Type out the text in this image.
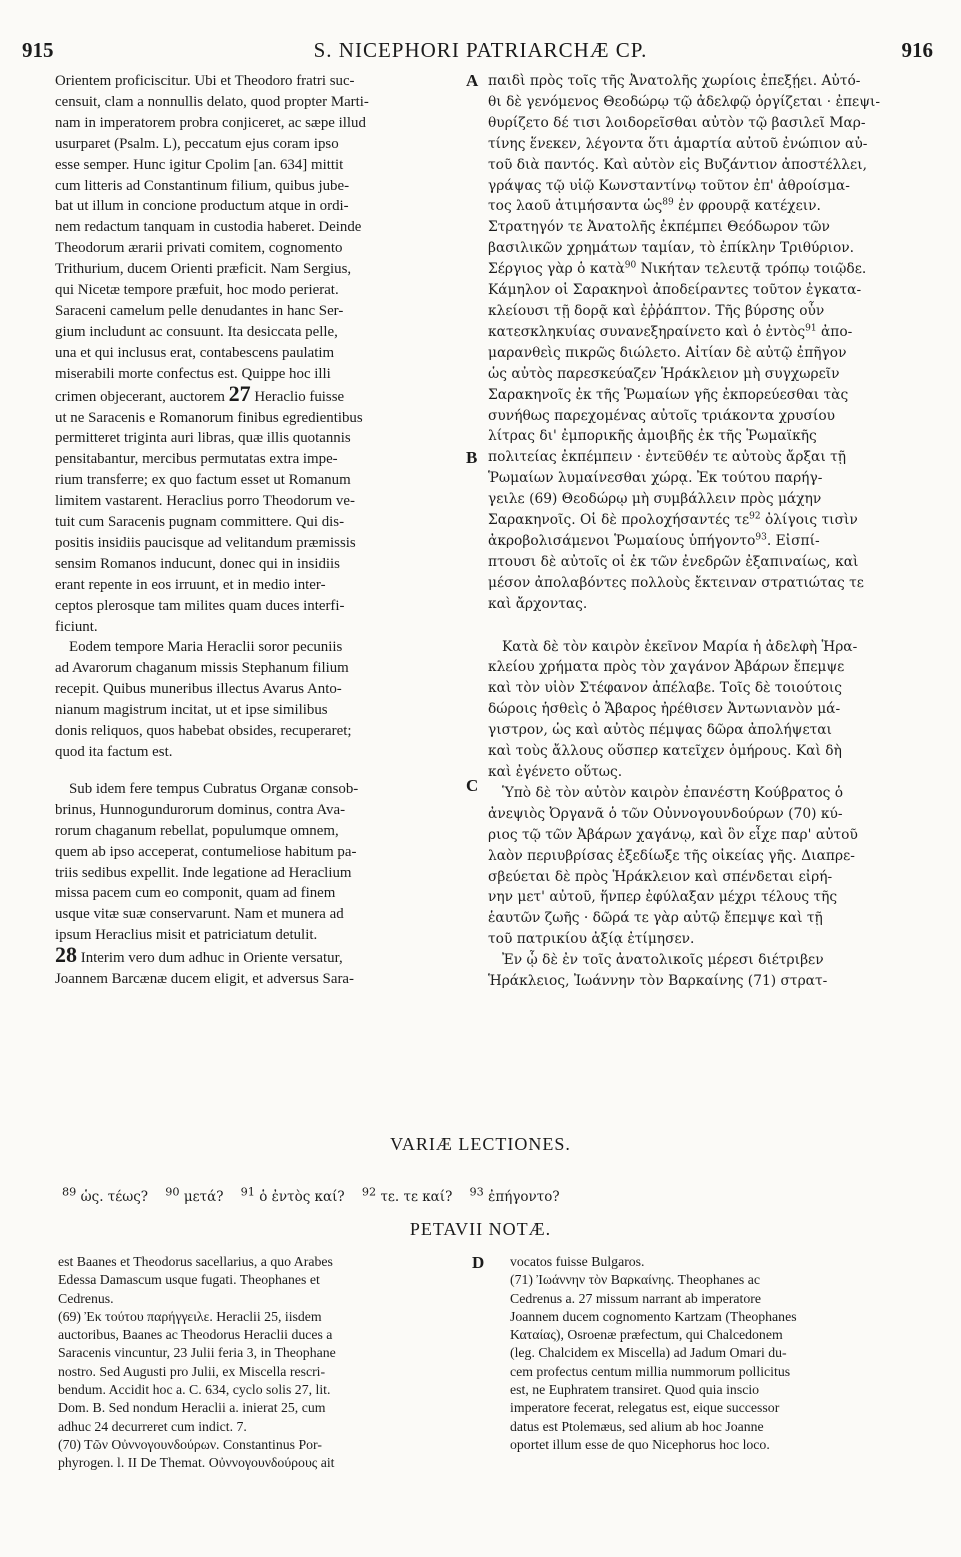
915	S. NICEPHORI PATRIARCHÆ CP.	916
A
B
C
D
Orientem proficiscitur. Ubi et Theodoro fratri suc-
censuit, clam a nonnullis delato, quod propter Marti-
nam in imperatorem probra conjiceret, ac sæpe illud
usurparet (Psalm. L), peccatum ejus coram ipso
esse semper. Hunc igitur Cpolim [an. 634] mittit
cum litteris ad Constantinum filium, quibus jube-
bat ut illum in concione productum atque in ordi-
nem redactum tanquam in custodia haberet. Deinde
Theodorum ærarii privati comitem, cognomento
Trithurium, ducem Orienti præficit. Nam Sergius,
qui Nicetæ tempore præfuit, hoc modo perierat.
Saraceni camelum pelle denudantes in hanc Ser-
gium includunt ac consuunt. Ita desiccata pelle,
una et qui inclusus erat, contabescens paulatim
miserabili morte confectus est. Quippe hoc illi
crimen objecerant, auctorem 27 Heraclio fuisse
ut ne Saracenis e Romanorum finibus egredientibus
permitteret triginta auri libras, quæ illis quotannis
pensitabantur, mercibus permutatas extra impe-
rium transferre; ex quo factum esset ut Romanum
limitem vastarent. Heraclius porro Theodorum ve-
tuit cum Saracenis pugnam committere. Qui dis-
positis insidiis paucisque ad velitandum præmissis
sensim Romanos inducunt, donec qui in insidiis
erant repente in eos irruunt, et in medio inter-
ceptos plerosque tam milites quam duces interfi-
ficiunt.
Eodem tempore Maria Heraclii soror pecuniis
ad Avarorum chaganum missis Stephanum filium
recepit. Quibus muneribus illectus Avarus Anto-
nianum magistrum incitat, ut et ipse similibus
donis reliquos, quos habebat obsides, recuperaret;
quod ita factum est.
Sub idem fere tempus Cubratus Organæ consob-
brinus, Hunnogundurorum dominus, contra Ava-
rorum chaganum rebellat, populumque omnem,
quem ab ipso acceperat, contumeliose habitum pa-
triis sedibus expellit. Inde legatione ad Heraclium
missa pacem cum eo componit, quam ad finem
usque vitæ suæ conservarunt. Nam et munera ad
ipsum Heraclius misit et patriciatum detulit.
28 Interim vero dum adhuc in Oriente versatur,
Joannem Barcænæ ducem eligit, et adversus Sara-
παιδὶ πρὸς τοῖς τῆς Ἀνατολῆς χωρίοις ἐπεξῄει. Αὐτό-
θι δὲ γενόμενος Θεοδώρῳ τῷ ἀδελφῷ ὀργίζεται · ἐπεψι-
θυρίζετο δέ τισι λοιδορεῖσθαι αὐτὸν τῷ βασιλεῖ Μαρ-
τίνης ἕνεκεν, λέγοντα ὅτι ἁμαρτία αὐτοῦ ἐνώπιον αὐ-
τοῦ διὰ παντός. Καὶ αὐτὸν εἰς Βυζάντιον ἀποστέλλει,
γράψας τῷ υἱῷ Κωνσταντίνῳ τοῦτον ἐπ' ἀθροίσμα-
τος λαοῦ ἀτιμήσαντα ὡς$^{89}$ ἐν φρουρᾷ κατέχειν.
Στρατηγόν τε Ἀνατολῆς ἐκπέμπει Θεόδωρον τῶν
βασιλικῶν χρημάτων ταμίαν, τὸ ἐπίκλην Τριθύριον.
Σέργιος γὰρ ὁ κατὰ$^{90}$ Νικήταν τελευτᾷ τρόπῳ τοιῷδε.
Κάμηλον οἱ Σαρακηνοὶ ἀποδείραντες τοῦτον ἐγκατα-
κλείουσι τῇ δορᾷ καὶ ἐῤῥάπτον. Τῆς βύρσης οὖν
κατεσκληκυίας συνανεξηραίνετο καὶ ὁ ἐντὸς$^{91}$ ἀπο-
μαρανθεὶς πικρῶς διώλετο. Αἰτίαν δὲ αὐτῷ ἐπῆγον
ὡς αὐτὸς παρεσκεύαζεν Ἡράκλειον μὴ συγχωρεῖν
Σαρακηνοῖς ἐκ τῆς Ῥωμαίων γῆς ἐκπορεύεσθαι τὰς
συνήθως παρεχομένας αὐτοῖς τριάκοντα χρυσίου
λίτρας δι' ἐμπορικῆς ἀμοιβῆς ἐκ τῆς Ῥωμαϊκῆς
πολιτείας ἐκπέμπειν · ἐντεῦθέν τε αὐτοὺς ἄρξαι τῇ
Ῥωμαίων λυμαίνεσθαι χώρᾳ. Ἐκ τούτου παρήγ-
γειλε (69) Θεοδώρῳ μὴ συμβάλλειν πρὸς μάχην
Σαρακηνοῖς. Οἱ δὲ προλοχήσαντές τε$^{92}$ ὀλίγοις τισὶν
ἀκροβολισάμενοι Ῥωμαίους ὑπήγοντο$^{93}$. Εἰσπί-
πτουσι δὲ αὐτοῖς οἱ ἐκ τῶν ἐνεδρῶν ἐξαπιναίως, καὶ
μέσον ἀπολαβόντες πολλοὺς ἔκτειναν στρατιώτας τε
καὶ ἄρχοντας.
Κατὰ δὲ τὸν καιρὸν ἐκεῖνον Μαρία ἡ ἀδελφὴ Ἡρα-
κλείου χρήματα πρὸς τὸν χαγάνον Ἀβάρων ἔπεμψε
καὶ τὸν υἱὸν Στέφανον ἀπέλαβε. Τοῖς δὲ τοιούτοις
δώροις ἡσθεὶς ὁ Ἄβαρος ἠρέθισεν Ἀντωνιανὸν μά-
γιστρον, ὡς καὶ αὐτὸς πέμψας δῶρα ἀπολήψεται
καὶ τοὺς ἄλλους οὕσπερ κατεῖχεν ὁμήρους. Καὶ δὴ
καὶ ἐγένετο οὕτως.
Ὑπὸ δὲ τὸν αὐτὸν καιρὸν ἐπανέστη Κούβρατος ὁ
ἀνεψιὸς Ὀργανᾶ ὁ τῶν Οὐννογουνδούρων (70) κύ-
ριος τῷ τῶν Ἀβάρων χαγάνῳ, καὶ ὃν εἶχε παρ' αὐτοῦ
λαὸν περιυβρίσας ἐξεδίωξε τῆς οἰκείας γῆς. Διαπρε-
σβεύεται δὲ πρὸς Ἡράκλειον καὶ σπένδεται εἰρή-
νην μετ' αὐτοῦ, ἥνπερ ἐφύλαξαν μέχρι τέλους τῆς
ἑαυτῶν ζωῆς · δῶρά τε γὰρ αὐτῷ ἔπεμψε καὶ τῇ
τοῦ πατρικίου ἀξίᾳ ἐτίμησεν.
Ἐν ᾧ δὲ ἐν τοῖς ἀνατολικοῖς μέρεσι διέτριβεν
Ἡράκλειος, Ἰωάννην τὸν Βαρκαίνης (71) στρατ-
VARIÆ LECTIONES.
$^{89}$ ὡς. τέως? $^{90}$ μετά? $^{91}$ ὁ ἐντὸς καί? $^{92}$ τε. τε καί? $^{93}$ ἐπήγοντο?
PETAVII NOTÆ.
est Baanes et Theodorus sacellarius, a quo Arabes
Edessa Damascum usque fugati. Theophanes et
Cedrenus.
(69) Ἐκ τούτου παρήγγειλε. Heraclii 25, iisdem
auctoribus, Baanes ac Theodorus Heraclii duces a
Saracenis vincuntur, 23 Julii feria 3, in Theophane
nostro. Sed Augusti pro Julii, ex Miscella rescri-
bendum. Accidit hoc a. C. 634, cyclo solis 27, lit.
Dom. B. Sed nondum Heraclii a. inierat 25, cum
adhuc 24 decurreret cum indict. 7.
(70) Τῶν Οὐννογουνδούρων. Constantinus Por-
phyrogen. l. II De Themat. Οὐννογουνδούρους ait
vocatos fuisse Bulgaros.
(71) Ἰωάννην τὸν Βαρκαίνης. Theophanes ac
Cedrenus a. 27 missum narrant ab imperatore
Joannem ducem cognomento Kartzam (Theophanes
Καταίας), Osroenæ præfectum, qui Chalcedonem
(leg. Chalcidem ex Miscella) ad Jadum Omari du-
cem profectus centum millia nummorum pollicitus
est, ne Euphratem transiret. Quod quia inscio
imperatore fecerat, relegatus est, eique successor
datus est Ptolemæus, sed alium ab hoc Joanne
oportet illum esse de quo Nicephorus hoc loco.
